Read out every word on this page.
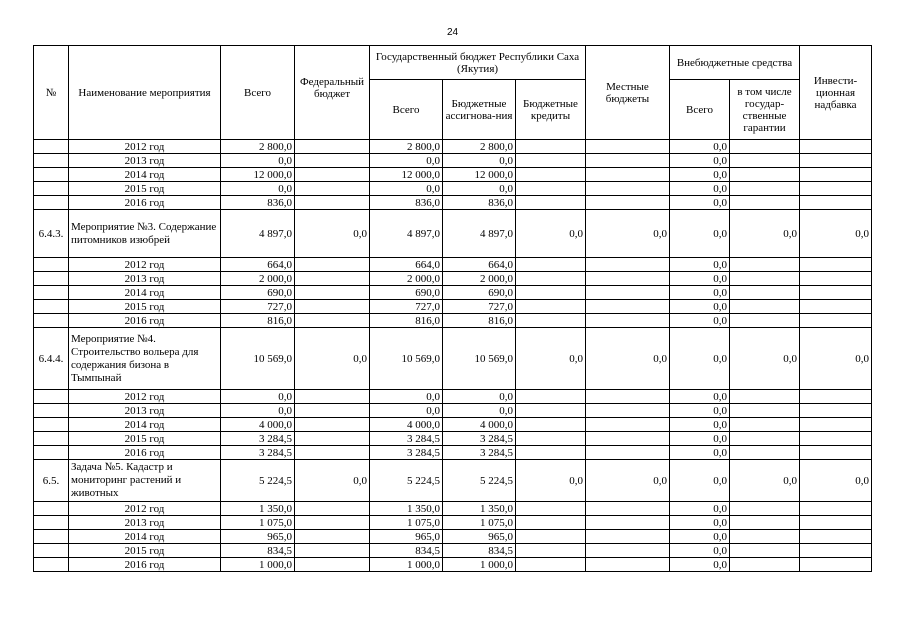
24
№	Наименование мероприятия	Всего	Федеральный бюджет	Государственный бюджет Республики Саха (Якутия)			Местные бюджеты	Внебюджетные средства		Инвести-ционная надбавка
				Всего	Бюджетные ассигнова-ния	Бюджетные кредиты		Всего	в том числе государ-ственные гарантии	
	2012 год	2 800,0		2 800,0	2 800,0			0,0		
	2013 год	0,0		0,0	0,0			0,0		
	2014 год	12 000,0		12 000,0	12 000,0			0,0		
	2015 год	0,0		0,0	0,0			0,0		
	2016 год	836,0		836,0	836,0			0,0		
6.4.3.	Мероприятие №3. Содержание питомников изюбрей	4 897,0	0,0	4 897,0	4 897,0	0,0	0,0	0,0	0,0	0,0
	2012 год	664,0		664,0	664,0			0,0		
	2013 год	2 000,0		2 000,0	2 000,0			0,0		
	2014 год	690,0		690,0	690,0			0,0		
	2015 год	727,0		727,0	727,0			0,0		
	2016 год	816,0		816,0	816,0			0,0		
6.4.4.	Мероприятие №4. Строительство вольера для содержания бизона в Тымпынай	10 569,0	0,0	10 569,0	10 569,0	0,0	0,0	0,0	0,0	0,0
	2012 год	0,0		0,0	0,0			0,0		
	2013 год	0,0		0,0	0,0			0,0		
	2014 год	4 000,0		4 000,0	4 000,0			0,0		
	2015 год	3 284,5		3 284,5	3 284,5			0,0		
	2016 год	3 284,5		3 284,5	3 284,5			0,0		
6.5.	Задача №5. Кадастр и мониторинг растений и животных	5 224,5	0,0	5 224,5	5 224,5	0,0	0,0	0,0	0,0	0,0
	2012 год	1 350,0		1 350,0	1 350,0			0,0		
	2013 год	1 075,0		1 075,0	1 075,0			0,0		
	2014 год	965,0		965,0	965,0			0,0		
	2015 год	834,5		834,5	834,5			0,0		
	2016 год	1 000,0		1 000,0	1 000,0			0,0		
